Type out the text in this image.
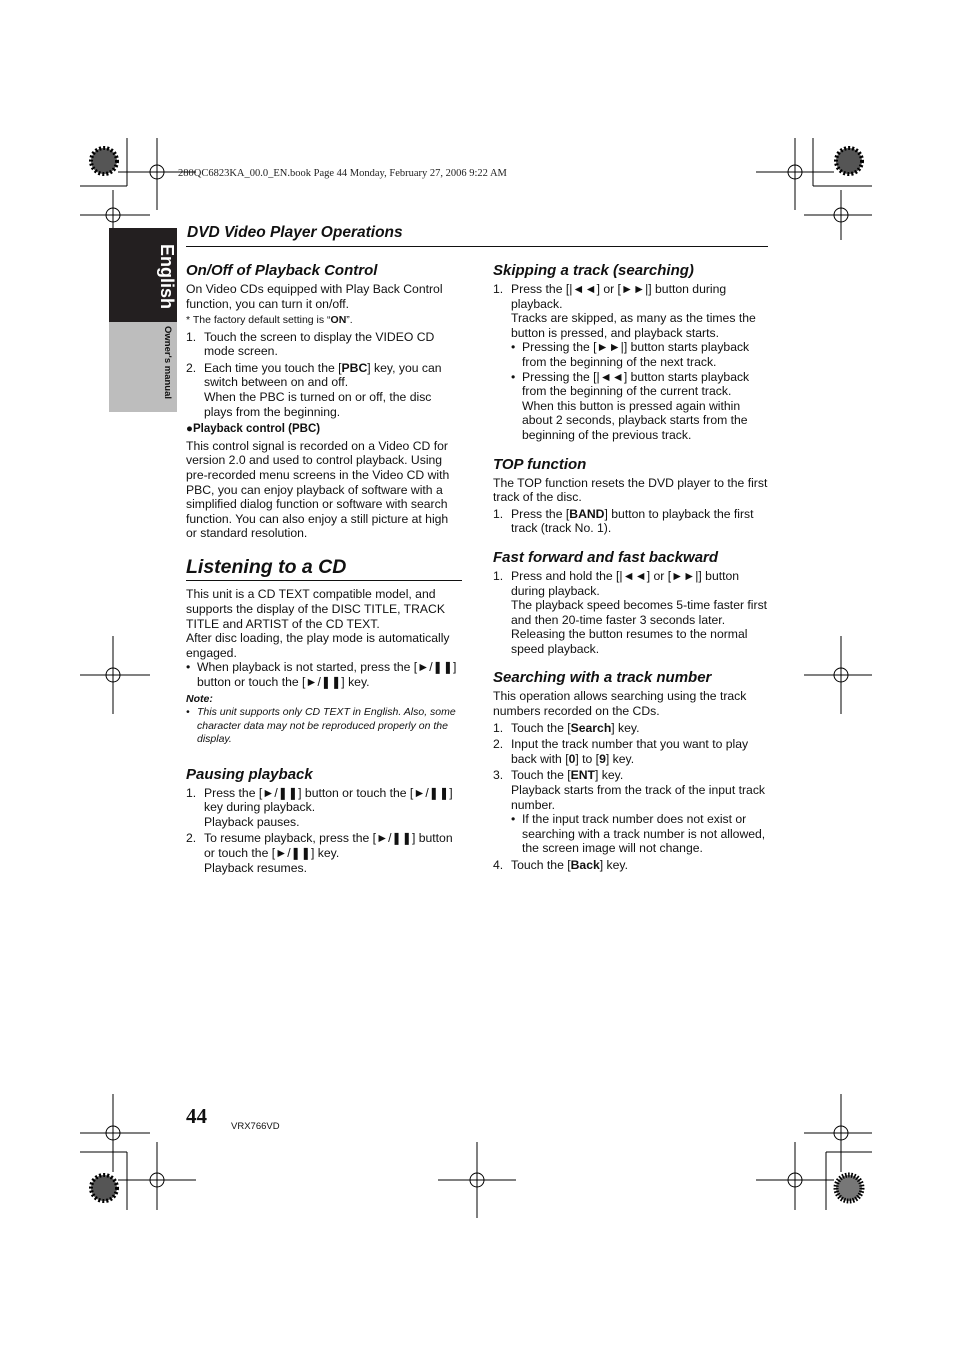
280QC6823KA_00.0_EN.book Page 44 Monday, February 27, 2006 9:22 AM
English
Owner's manual
DVD Video Player Operations
On/Off of Playback Control

On Video CDs equipped with Play Back Control function, you can turn it on/off.

* The factory default setting is “ON”.

1. Touch the screen to display the VIDEO CD mode screen.
2. Each time you touch the [PBC] key, you can switch between on and off.
When the PBC is turned on or off, the disc plays from the beginning.

●Playback control (PBC)

This control signal is recorded on a Video CD for version 2.0 and used to control playback. Using pre-recorded menu screens in the Video CD with PBC, you can enjoy playback of software with a simplified dialog function or software with search function. You can also enjoy a still picture at high or standard resolution.

Listening to a CD

This unit is a CD TEXT compatible model, and supports the display of the DISC TITLE, TRACK TITLE and ARTIST of the CD TEXT.

After disc loading, the play mode is automatically engaged.

• When playback is not started, press the [►/❚❚] button or touch the [►/❚❚] key.

Note:

• This unit supports only CD TEXT in English. Also, some character data may not be reproduced properly on the display.
Pausing playback
1. Press the [►/❚❚] button or touch the [►/❚❚] key during playback.
Playback pauses.
2. To resume playback, press the [►/❚❚] button or touch the [►/❚❚] key.
Playback resumes.
Skipping a track (searching)
1. Press the [|◄◄] or [►►|] button during playback.
Tracks are skipped, as many as the times the button is pressed, and playback starts.
• Pressing the [►►|] button starts playback from the beginning of the next track.
• Pressing the [|◄◄] button starts playback from the beginning of the current track.
When this button is pressed again within about 2 seconds, playback starts from the beginning of the previous track.
TOP function

The TOP function resets the DVD player to the first track of the disc.

1. Press the [BAND] button to playback the first track (track No. 1).
Fast forward and fast backward
1. Press and hold the [|◄◄] or [►►|] button during playback.
The playback speed becomes 5-time faster first and then 20-time faster 3 seconds later. Releasing the button resumes to the normal speed playback.
Searching with a track number

This operation allows searching using the track numbers recorded on the CDs.

1. Touch the [Search] key.
2. Input the track number that you want to play back with [0] to [9] key.
3. Touch the [ENT] key.
Playback starts from the track of the input track number.
• If the input track number does not exist or searching with a track number is not allowed, the screen image will not change.
4. Touch the [Back] key.
44	VRX766VD
